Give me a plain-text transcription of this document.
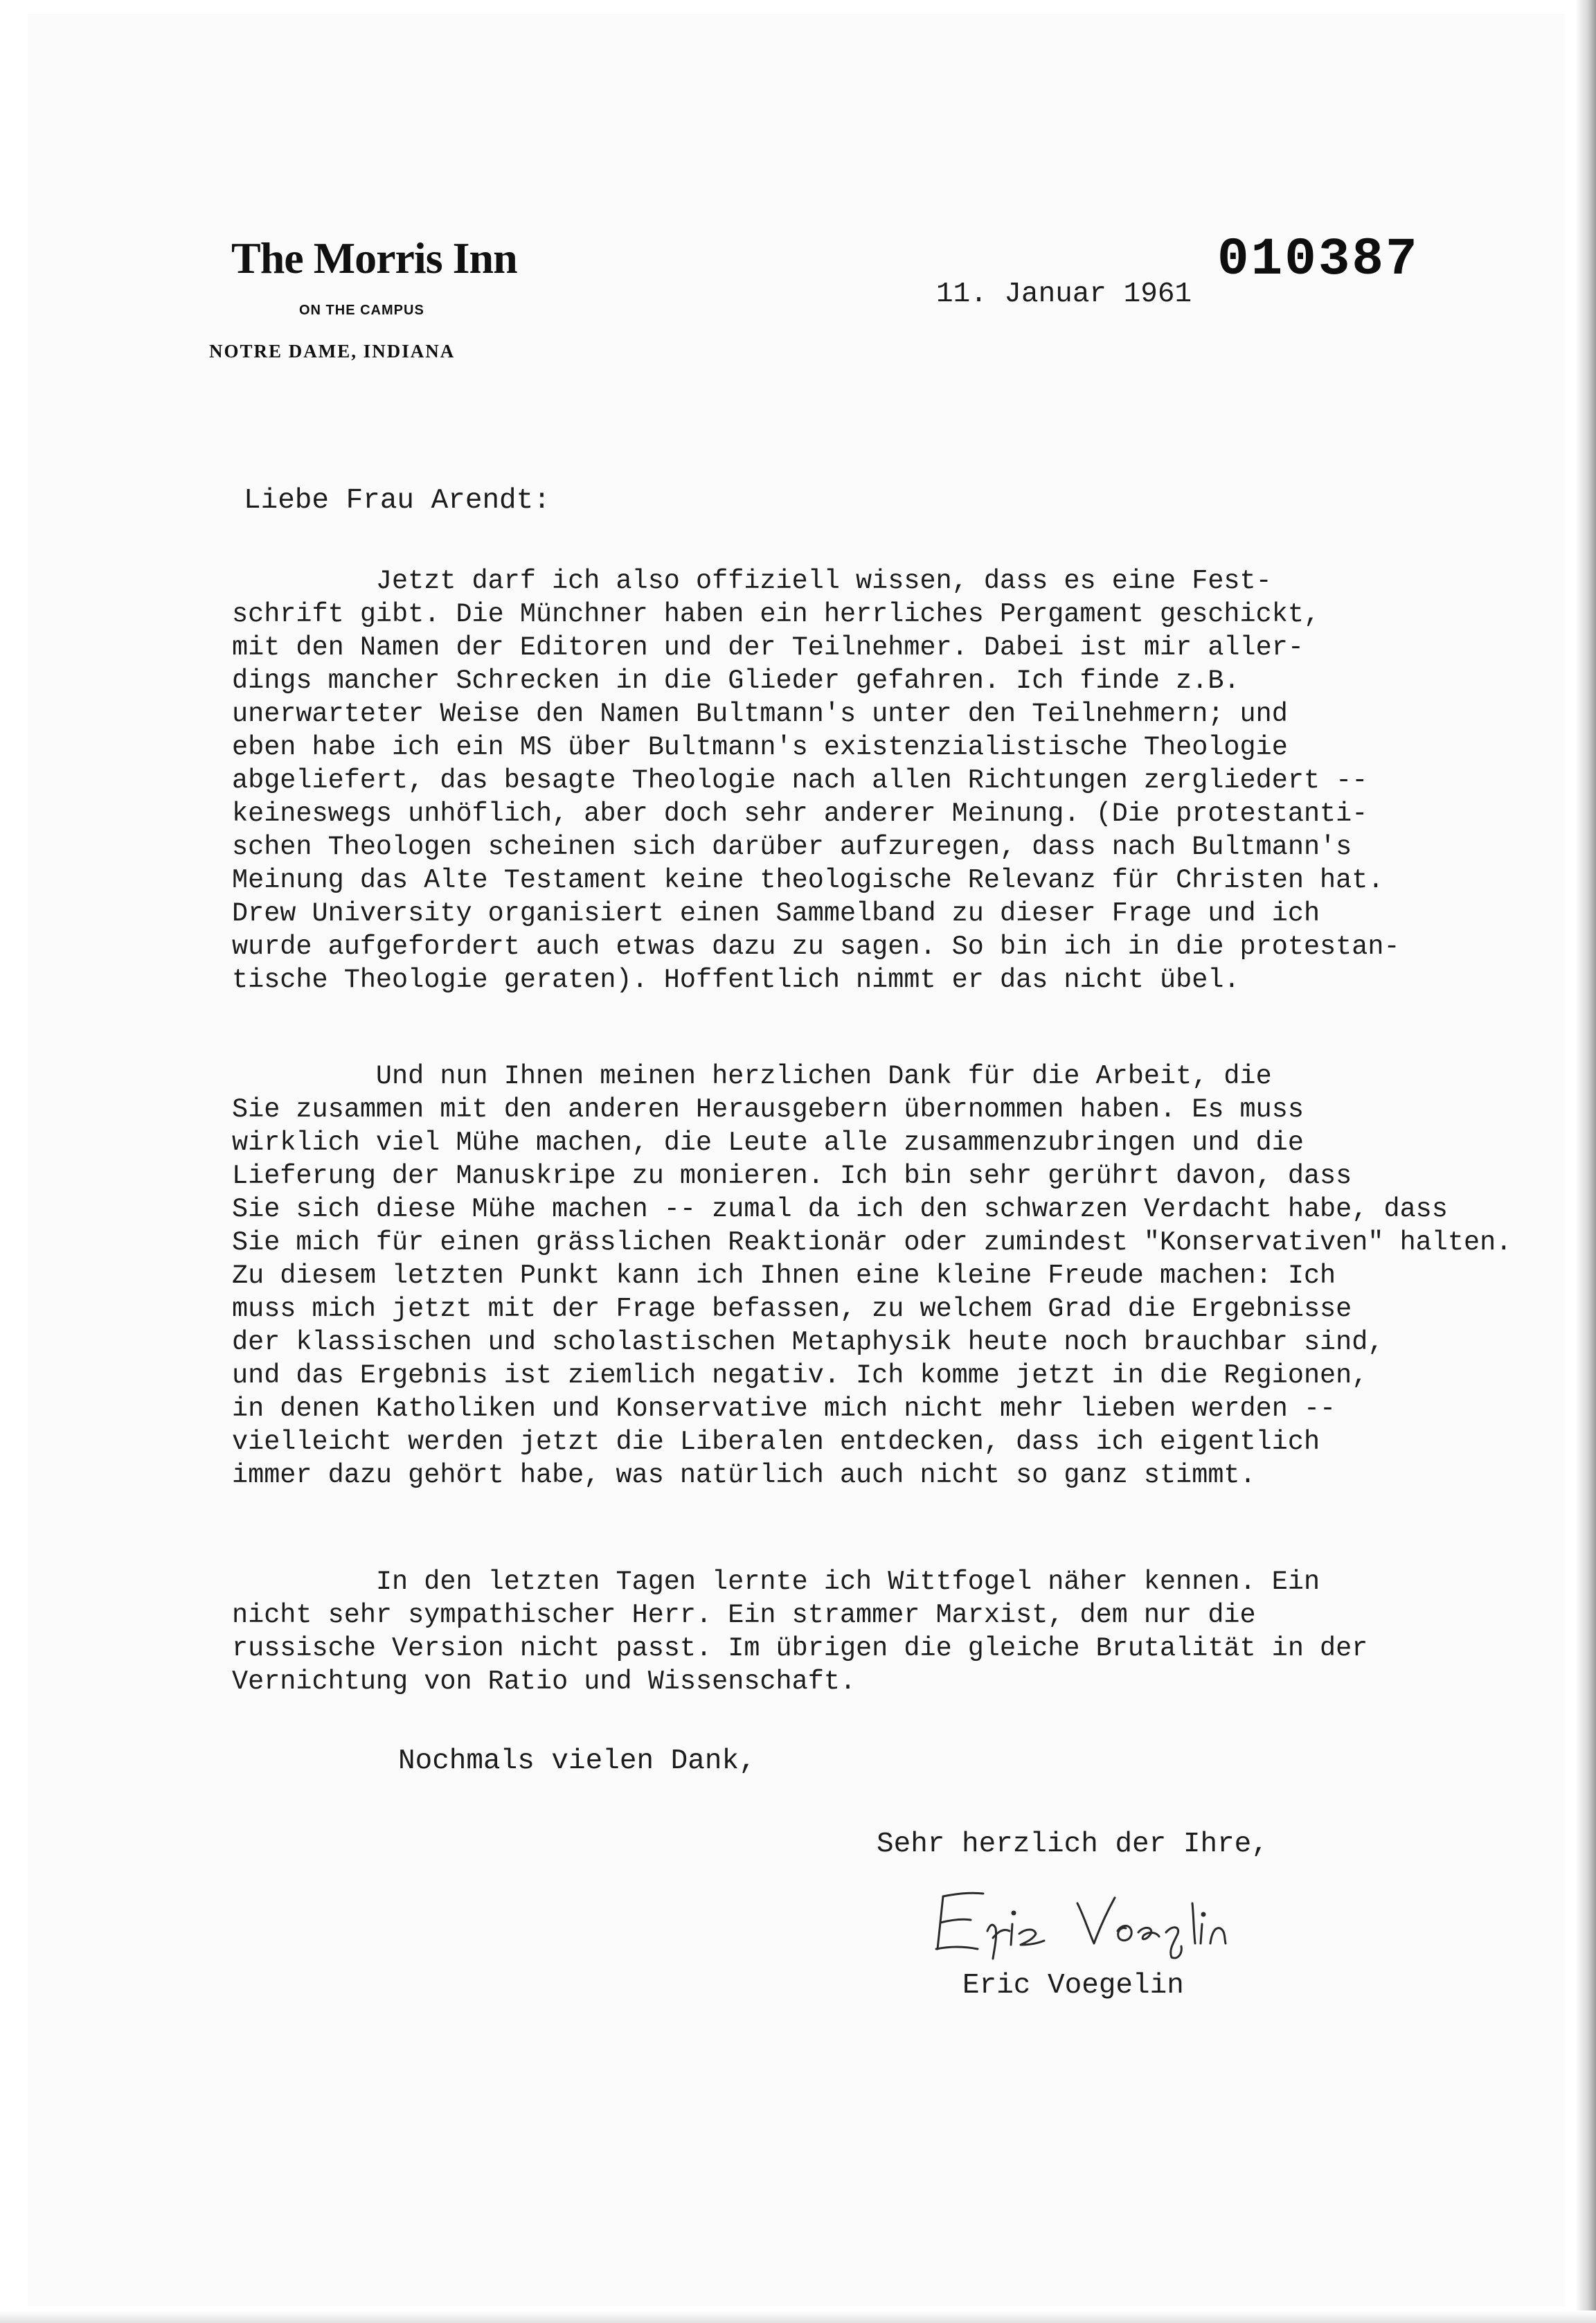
The Morris Inn
ON THE CAMPUS
NOTRE DAME, INDIANA
010387
11. Januar 1961
Liebe Frau Arendt:

Jetzt darf ich also offiziell wissen, dass es eine Fest-
schrift gibt. Die Münchner haben ein herrliches Pergament geschickt,
mit den Namen der Editoren und der Teilnehmer. Dabei ist mir aller-
dings mancher Schrecken in die Glieder gefahren. Ich finde z.B.
unerwarteter Weise den Namen Bultmann's unter den Teilnehmern; und
eben habe ich ein MS über Bultmann's existenzialistische Theologie
abgeliefert, das besagte Theologie nach allen Richtungen zergliedert --
keineswegs unhöflich, aber doch sehr anderer Meinung. (Die protestanti-
schen Theologen scheinen sich darüber aufzuregen, dass nach Bultmann's
Meinung das Alte Testament keine theologische Relevanz für Christen hat.
Drew University organisiert einen Sammelband zu dieser Frage und ich
wurde aufgefordert auch etwas dazu zu sagen. So bin ich in die protestan-
tische Theologie geraten). Hoffentlich nimmt er das nicht übel.

Und nun Ihnen meinen herzlichen Dank für die Arbeit, die
Sie zusammen mit den anderen Herausgebern übernommen haben. Es muss
wirklich viel Mühe machen, die Leute alle zusammenzubringen und die
Lieferung der Manuskripe zu monieren. Ich bin sehr gerührt davon, dass
Sie sich diese Mühe machen -- zumal da ich den schwarzen Verdacht habe, dass
Sie mich für einen grässlichen Reaktionär oder zumindest "Konservativen" halten.
Zu diesem letzten Punkt kann ich Ihnen eine kleine Freude machen: Ich
muss mich jetzt mit der Frage befassen, zu welchem Grad die Ergebnisse
der klassischen und scholastischen Metaphysik heute noch brauchbar sind,
und das Ergebnis ist ziemlich negativ. Ich komme jetzt in die Regionen,
in denen Katholiken und Konservative mich nicht mehr lieben werden --
vielleicht werden jetzt die Liberalen entdecken, dass ich eigentlich
immer dazu gehört habe, was natürlich auch nicht so ganz stimmt.

In den letzten Tagen lernte ich Wittfogel näher kennen. Ein
nicht sehr sympathischer Herr. Ein strammer Marxist, dem nur die
russische Version nicht passt. Im übrigen die gleiche Brutalität in der
Vernichtung von Ratio und Wissenschaft.

Nochmals vielen Dank,
Sehr herzlich der Ihre,
Eric Voegelin
Eric Voegelin
